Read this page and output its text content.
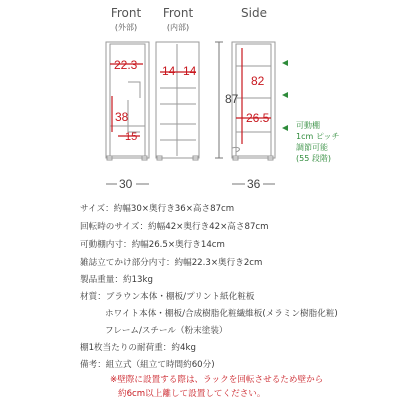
Front
(外部)
Front
(内部)
Side
22.3
38
15
14 14
82
26.5
87
30	36
可動棚
1cm ピッチ
調節可能
(55 段階)
サイズ：約幅30×奥行き36×高さ87cm
回転時のサイズ：約幅42×奥行き42×高さ87cm
可動棚内寸：約幅26.5×奥行き14cm
雑誌立てかけ部分内寸：約幅22.3×奥行き2cm
製品重量：約13kg
材質：ブラウン本体・棚板/プリント紙化粧板
ホワイト本体・棚板/合成樹脂化粧繊維板(メラミン樹脂化粧)
フレーム/スチール（粉末塗装）
棚1枚当たりの耐荷重：約4kg
備考：組立式（組立て時間約60分)
※壁際に設置する際は、ラックを回転させるため壁から
約6cm以上離して設置してください。
